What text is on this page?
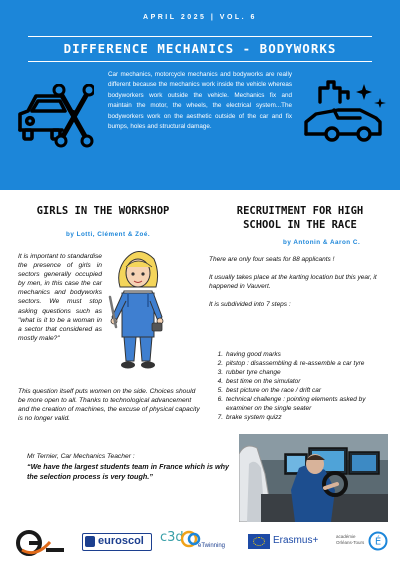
APRIL 2025 | VOL. 6
DIFFERENCE MECHANICS - BODYWORKS
Car mechanics, motorcycle mechanics and bodyworks are really different because the mechanics work inside the vehicle whereas bodyworkers work outside the vehicle. Mechanics fix and maintain the motor, the wheels, the electrical system...The bodyworkers work on the aesthetic outside of the car and fix bumps, holes and structural damage.
GIRLS IN THE WORKSHOP
by Lotti, Clément & Zoé.
It is important to standardise the presence of girls in sectors generally occupied by men, in this case the car mechanics and bodyworks sectors. We must stop asking questions such as "what is it to be a woman in a sector that considered as mostly male?"
This question itself puts women on the side. Choices should be more open to all. Thanks to technological advancement and the creation of machines, the excuse of physical capacity is no longer valid.
RECRUITMENT FOR HIGH
SCHOOL IN THE RACE
by Antonin & Aaron C.
There are only four seats for 88 applicants !
It usually takes place at the karting location but this year, it happened in Vauvert.
It is subdivided into 7 steps :
1. having good marks
2. pitstop : disassembling & re-assemble a car tyre
3. rubber tyre change
4. best time on the simulator
5. best picture on the race / drift car
6. technical challenge : pointing elements asked by examiner on the single seater
7. brake system quizz
Mr Ternier, Car Mechanics Teacher :
“We have the largest students team in France which is why the selection process is very tough.”
euroscol c3d
eTwinning	Erasmus+	académie
Orléans-Tours É
